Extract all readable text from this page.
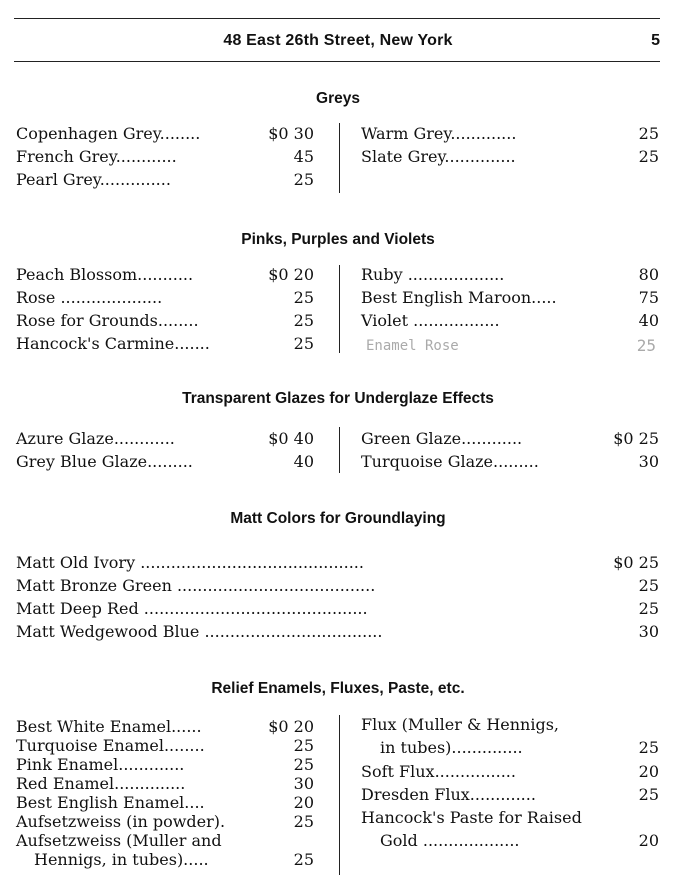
48 East 26th Street, New York	5
Greys
Copenhagen Grey........	$0 30
French Grey............	45
Pearl Grey..............	25
Warm Grey.............	25
Slate Grey..............	25
Pinks, Purples and Violets
Peach Blossom...........	$0 20
Rose ....................	25
Rose for Grounds........	25
Hancock's Carmine.......	25
Ruby ...................	80
Best English Maroon.....	75
Violet .................	40
Enamel Rose	25
Transparent Glazes for Underglaze Effects
Azure Glaze............	$0 40
Grey Blue Glaze.........	40
Green Glaze............	$0 25
Turquoise Glaze.........	30
Matt Colors for Groundlaying
Matt Old Ivory ............................................	$0 25
Matt Bronze Green .......................................	25
Matt Deep Red ............................................	25
Matt Wedgewood Blue ...................................	30
Relief Enamels, Fluxes, Paste, etc.
Best White Enamel......	$0 20
Turquoise Enamel........	25
Pink Enamel.............	25
Red Enamel..............	30
Best English Enamel....	20
Aufsetzweiss (in powder).	25
Aufsetzweiss (Muller and
Hennigs, in tubes).....	25
Flux (Muller & Hennigs,
in tubes)..............	25
Soft Flux................	20
Dresden Flux.............	25
Hancock's Paste for Raised
Gold ...................	20
